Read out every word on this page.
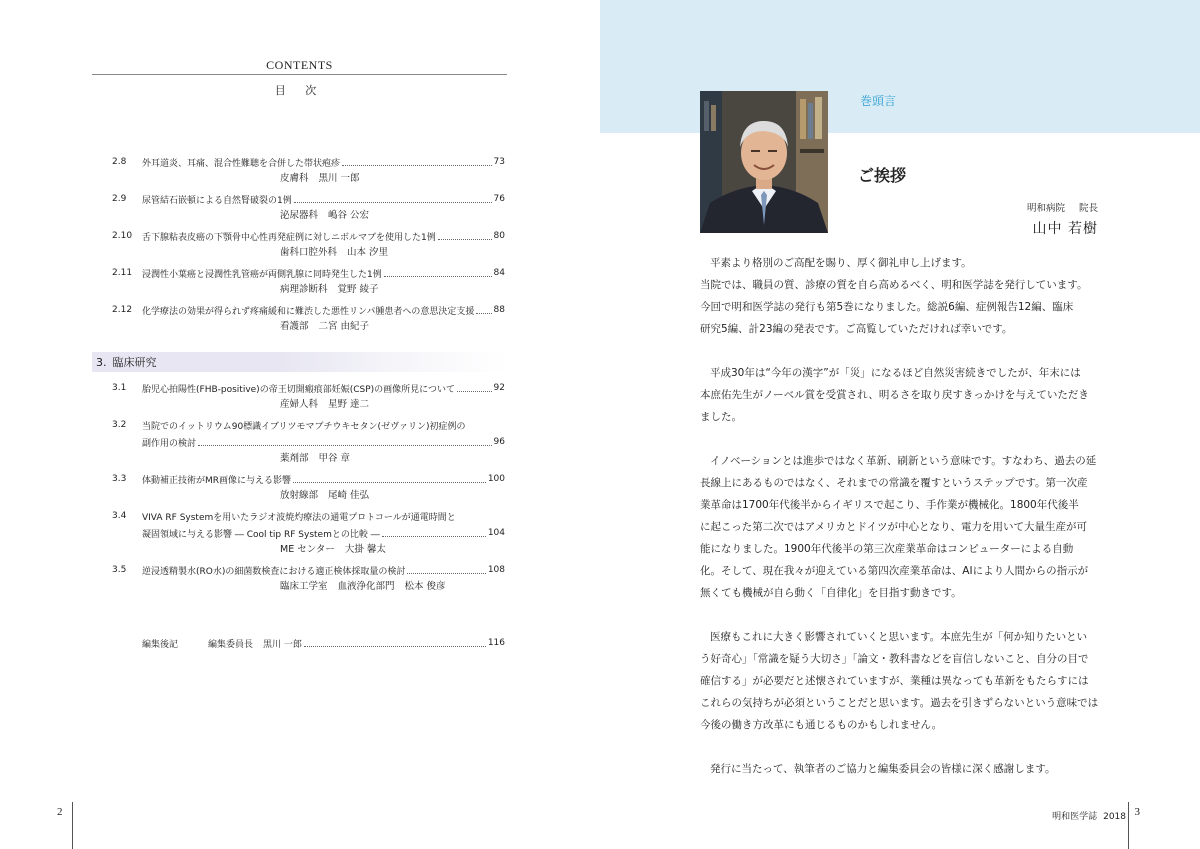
CONTENTS
目 次
2.8	外耳道炎、耳痛、混合性難聴を合併した帯状疱疹	73
皮膚科 黒川 一郎
2.9	尿管結石嵌頓による自然腎破裂の1例	76
泌尿器科 嶋谷 公宏
2.10	舌下腺粘表皮癌の下顎骨中心性再発症例に対しニボルマブを使用した1例	80
歯科口腔外科 山本 汐里
2.11	浸潤性小葉癌と浸潤性乳管癌が両側乳腺に同時発生した1例	84
病理診断科 覚野 綾子
2.12	化学療法の効果が得られず疼痛緩和に難渋した悪性リンパ腫患者への意思決定支援 88
看護部 二宮 由紀子
3. 臨床研究
3.1	胎児心拍陽性(FHB-positive)の帝王切開瘢痕部妊娠(CSP)の画像所見について	92
産婦人科 星野 達二
3.2	当院でのイットリウム90標識イブリツモマブチウキセタン(ゼヴァリン)初症例の
副作用の検討	96
薬剤部 甲谷 章
3.3	体動補正技術がMR画像に与える影響	100
放射線部 尾崎 佳弘
3.4	VIVA RF Systemを用いたラジオ波焼灼療法の通電プロトコールが通電時間と
凝固領域に与える影響 ― Cool tip RF Systemとの比較 ―	104
ME センター 大掛 馨太
3.5	逆浸透精製水(RO水)の細菌数検査における適正検体採取量の検討	108
臨床工学室 血液浄化部門 松本 俊彦
編集後記	編集委員長 黒川 一郎	116
2
巻頭言
ご挨拶
明和病院 院長
山中 若樹
平素より格別のご高配を賜り、厚く御礼申し上げます。
当院では、職員の質、診療の質を自ら高めるべく、明和医学誌を発行しています。
今回で明和医学誌の発行も第5巻になりました。総説6編、症例報告12編、臨床
研究5編、計23編の発表です。ご高覧していただければ幸いです。
平成30年は“今年の漢字”が「災」になるほど自然災害続きでしたが、年末には
本庶佑先生がノーベル賞を受賞され、明るさを取り戻すきっかけを与えていただき
ました。
イノベーションとは進歩ではなく革新、刷新という意味です。すなわち、過去の延
長線上にあるものではなく、それまでの常識を覆すというステップです。第一次産
業革命は1700年代後半からイギリスで起こり、手作業が機械化。1800年代後半
に起こった第二次ではアメリカとドイツが中心となり、電力を用いて大量生産が可
能になりました。1900年代後半の第三次産業革命はコンピューターによる自動
化。そして、現在我々が迎えている第四次産業革命は、AIにより人間からの指示が
無くても機械が自ら動く「自律化」を目指す動きです。
医療もこれに大きく影響されていくと思います。本庶先生が「何か知りたいとい
う好奇心」「常識を疑う大切さ」「論文・教科書などを盲信しないこと、自分の目で
確信する」が必要だと述懐されていますが、業種は異なっても革新をもたらすには
これらの気持ちが必須ということだと思います。過去を引きずらないという意味では
今後の働き方改革にも通じるものかもしれません。
発行に当たって、執筆者のご協力と編集委員会の皆様に深く感謝します。
明和医学誌 2018 3
